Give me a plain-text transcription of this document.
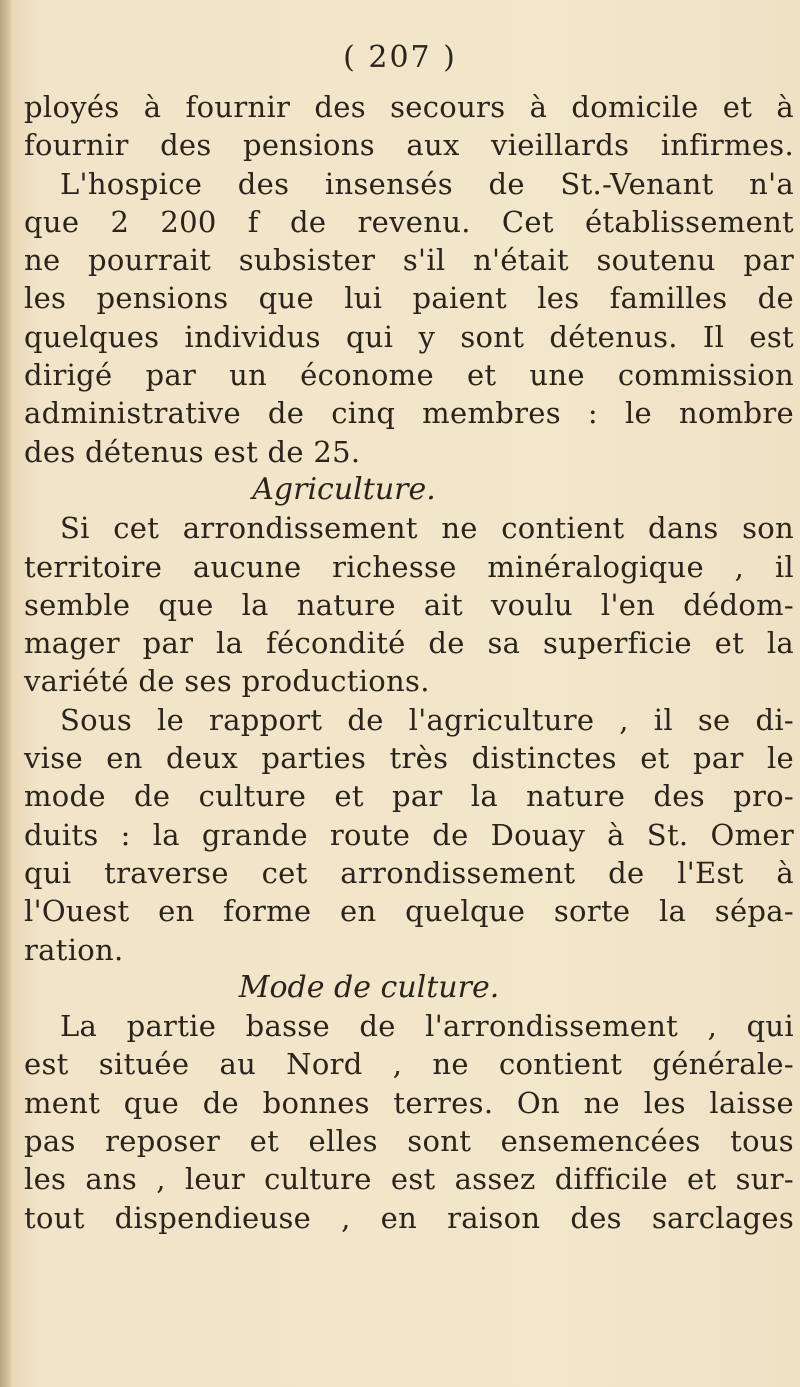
( 207 )
ployés à fournir des secours à domicile et à
fournir des pensions aux vieillards infirmes.
L'hospice des insensés de St.-Venant n'a
que 2 200 f de revenu. Cet établissement
ne pourrait subsister s'il n'était soutenu par
les pensions que lui paient les familles de
quelques individus qui y sont détenus. Il est
dirigé par un économe et une commission
administrative de cinq membres : le nombre
des détenus est de 25.
Agriculture.
Si cet arrondissement ne contient dans son
territoire aucune richesse minéralogique , il
semble que la nature ait voulu l'en dédom-
mager par la fécondité de sa superficie et la
variété de ses productions.
Sous le rapport de l'agriculture , il se di-
vise en deux parties très distinctes et par le
mode de culture et par la nature des pro-
duits : la grande route de Douay à St. Omer
qui traverse cet arrondissement de l'Est à
l'Ouest en forme en quelque sorte la sépa-
ration.
Mode de culture.
La partie basse de l'arrondissement , qui
est située au Nord , ne contient générale-
ment que de bonnes terres. On ne les laisse
pas reposer et elles sont ensemencées tous
les ans , leur culture est assez difficile et sur-
tout dispendieuse , en raison des sarclages
